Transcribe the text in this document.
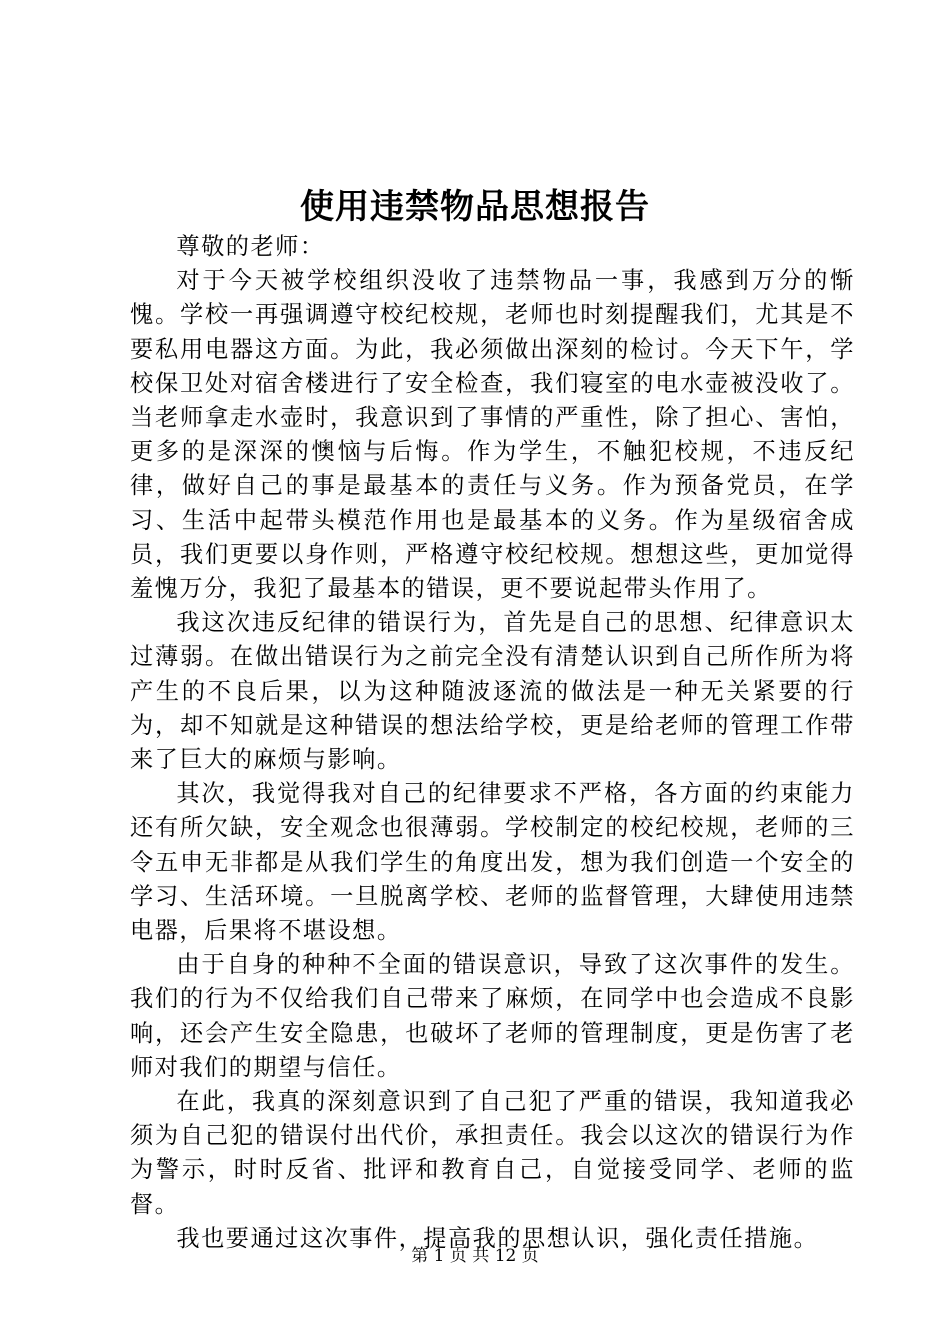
使用违禁物品思想报告

尊敬的老师：

对于今天被学校组织没收了违禁物品一事，我感到万分的惭愧。学校一再强调遵守校纪校规，老师也时刻提醒我们，尤其是不要私用电器这方面。为此，我必须做出深刻的检讨。今天下午，学校保卫处对宿舍楼进行了安全检查，我们寝室的电水壶被没收了。当老师拿走水壶时，我意识到了事情的严重性，除了担心、害怕，更多的是深深的懊恼与后悔。作为学生，不触犯校规，不违反纪律，做好自己的事是最基本的责任与义务。作为预备党员，在学习、生活中起带头模范作用也是最基本的义务。作为星级宿舍成员，我们更要以身作则，严格遵守校纪校规。想想这些，更加觉得羞愧万分，我犯了最基本的错误，更不要说起带头作用了。

我这次违反纪律的错误行为，首先是自己的思想、纪律意识太过薄弱。在做出错误行为之前完全没有清楚认识到自己所作所为将产生的不良后果，以为这种随波逐流的做法是一种无关紧要的行为，却不知就是这种错误的想法给学校，更是给老师的管理工作带来了巨大的麻烦与影响。

其次，我觉得我对自己的纪律要求不严格，各方面的约束能力还有所欠缺，安全观念也很薄弱。学校制定的校纪校规，老师的三令五申无非都是从我们学生的角度出发，想为我们创造一个安全的学习、生活环境。一旦脱离学校、老师的监督管理，大肆使用违禁电器，后果将不堪设想。

由于自身的种种不全面的错误意识，导致了这次事件的发生。我们的行为不仅给我们自己带来了麻烦，在同学中也会造成不良影响，还会产生安全隐患，也破坏了老师的管理制度，更是伤害了老师对我们的期望与信任。

在此，我真的深刻意识到了自己犯了严重的错误，我知道我必须为自己犯的错误付出代价，承担责任。我会以这次的错误行为作为警示，时时反省、批评和教育自己，自觉接受同学、老师的监督。

我也要通过这次事件，提高我的思想认识，强化责任措施。

第 1 页 共 12 页
